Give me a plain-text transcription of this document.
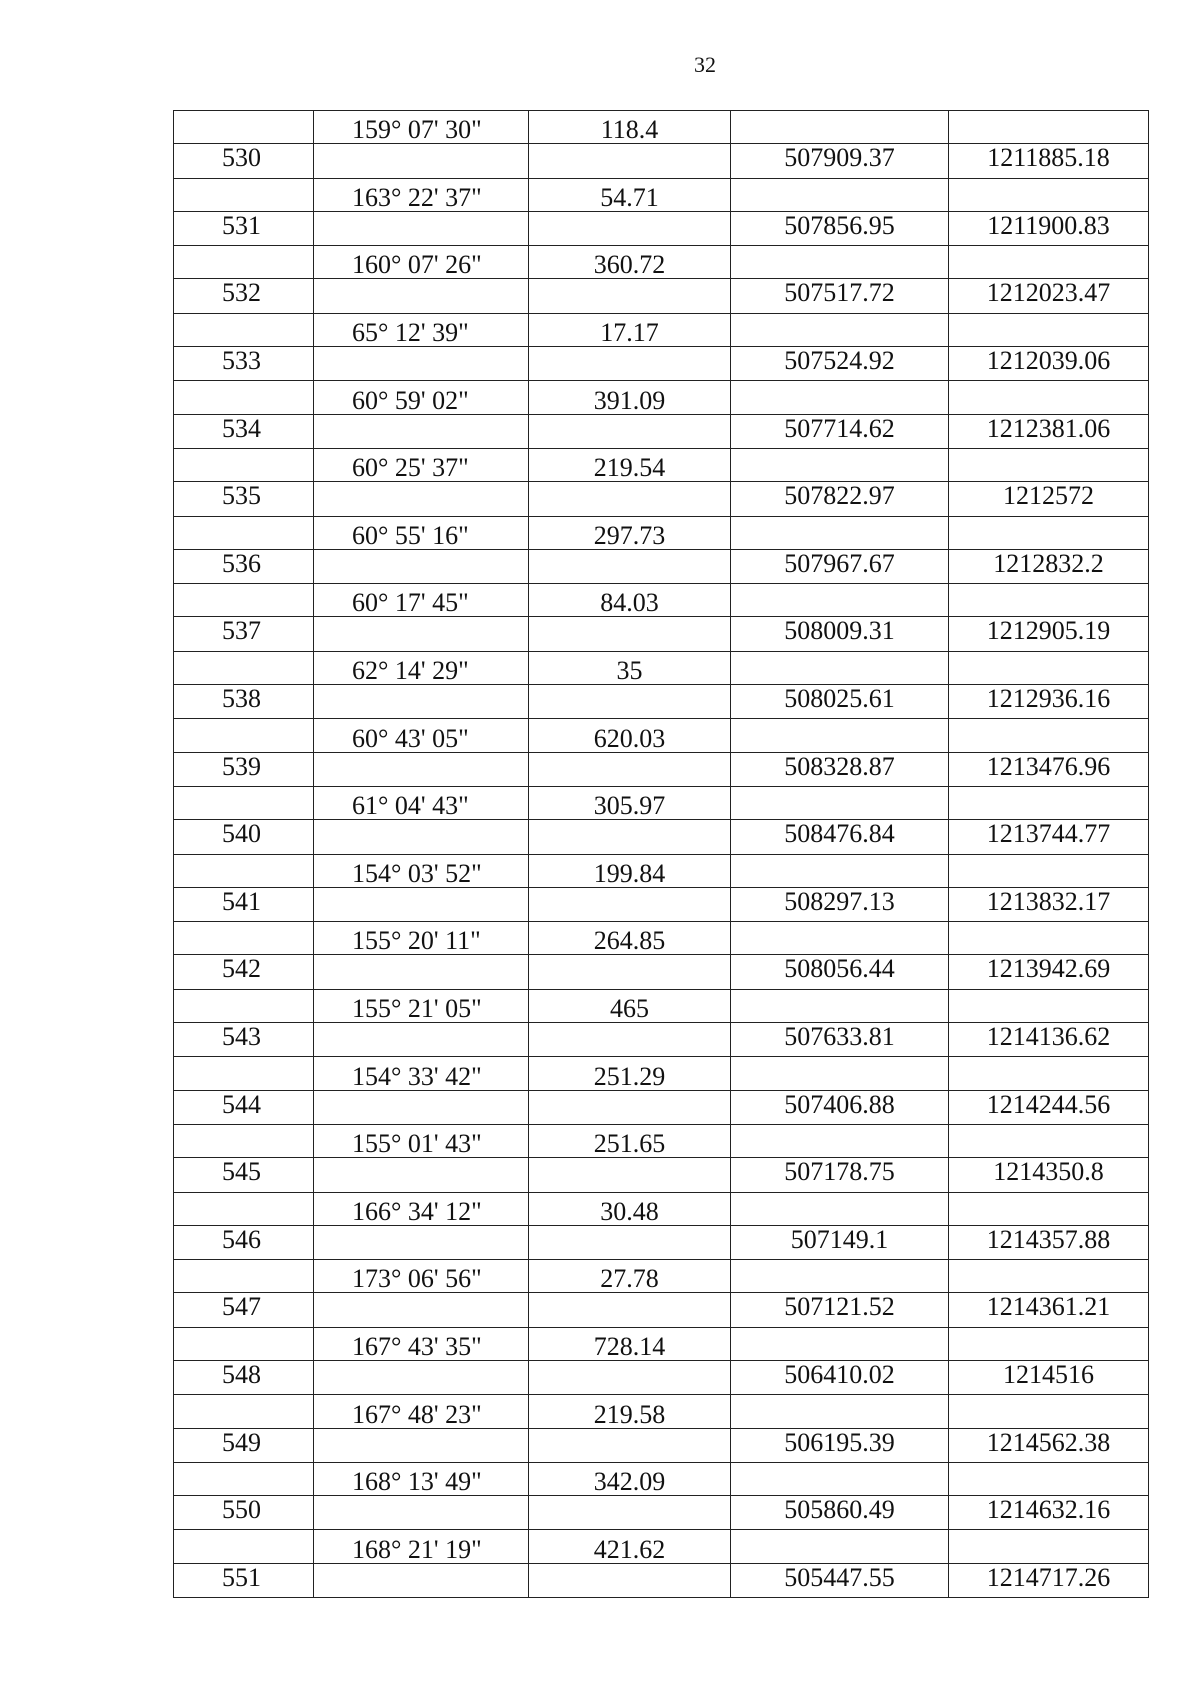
32
	159° 07' 30"	118.4		
530			507909.37	1211885.18
	163° 22' 37"	54.71		
531			507856.95	1211900.83
	160° 07' 26"	360.72		
532			507517.72	1212023.47
	65° 12' 39"	17.17		
533			507524.92	1212039.06
	60° 59' 02"	391.09		
534			507714.62	1212381.06
	60° 25' 37"	219.54		
535			507822.97	1212572
	60° 55' 16"	297.73		
536			507967.67	1212832.2
	60° 17' 45"	84.03		
537			508009.31	1212905.19
	62° 14' 29"	35		
538			508025.61	1212936.16
	60° 43' 05"	620.03		
539			508328.87	1213476.96
	61° 04' 43"	305.97		
540			508476.84	1213744.77
	154° 03' 52"	199.84		
541			508297.13	1213832.17
	155° 20' 11"	264.85		
542			508056.44	1213942.69
	155° 21' 05"	465		
543			507633.81	1214136.62
	154° 33' 42"	251.29		
544			507406.88	1214244.56
	155° 01' 43"	251.65		
545			507178.75	1214350.8
	166° 34' 12"	30.48		
546			507149.1	1214357.88
	173° 06' 56"	27.78		
547			507121.52	1214361.21
	167° 43' 35"	728.14		
548			506410.02	1214516
	167° 48' 23"	219.58		
549			506195.39	1214562.38
	168° 13' 49"	342.09		
550			505860.49	1214632.16
	168° 21' 19"	421.62		
551			505447.55	1214717.26
